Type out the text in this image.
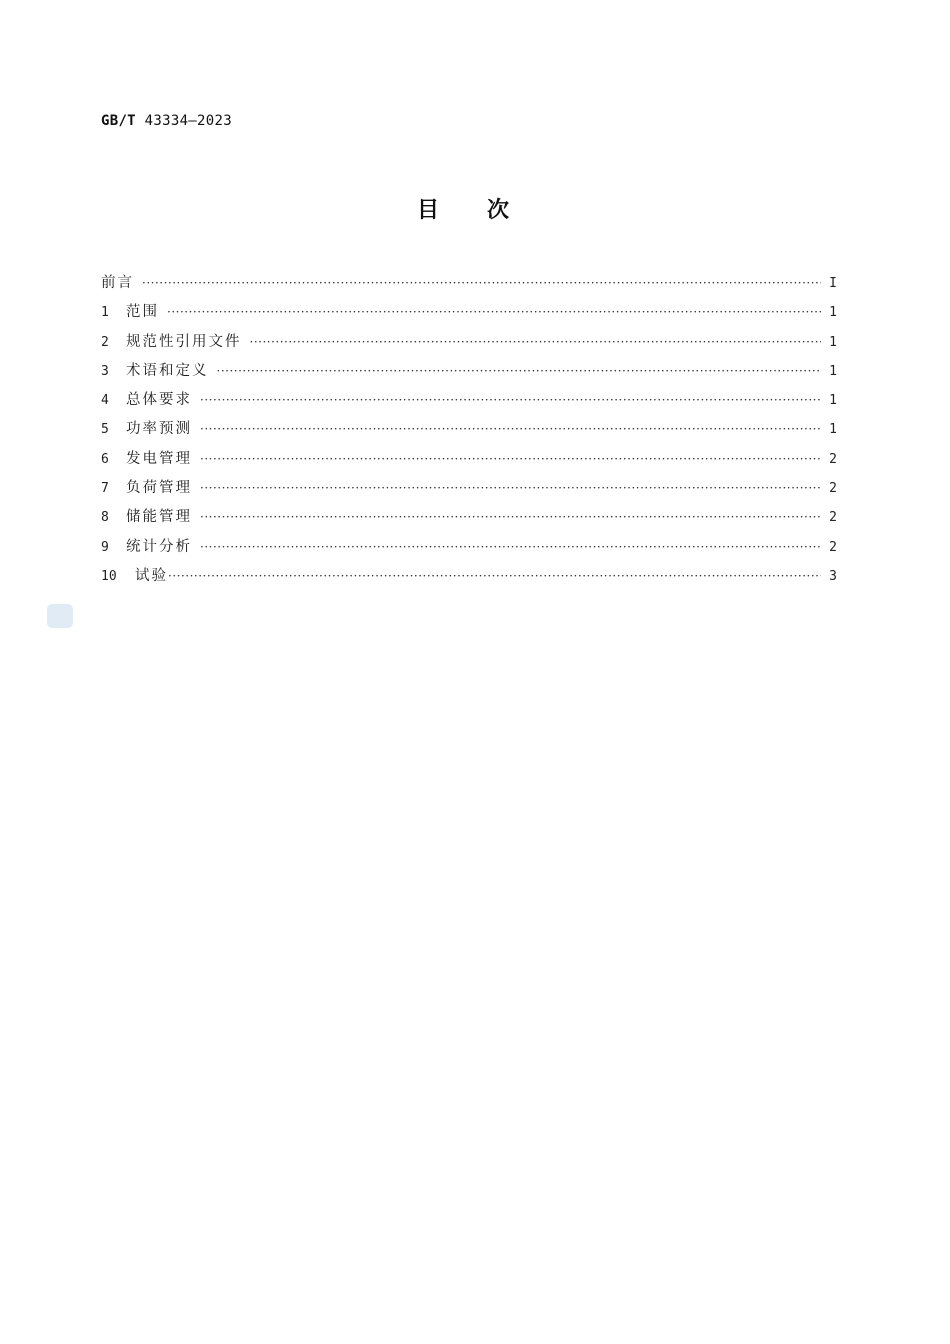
GB/T 43334—2023
目次
前言 ·····	I
1	范围 ·····	1
2	规范性引用文件 ·····	1
3	术语和定义 ·····	1
4	总体要求 ·····	1
5	功率预测 ·····	1
6	发电管理 ·····	2
7	负荷管理 ·····	2
8	储能管理 ·····	2
9	统计分析 ·····	2
10	试验 ·····	3
